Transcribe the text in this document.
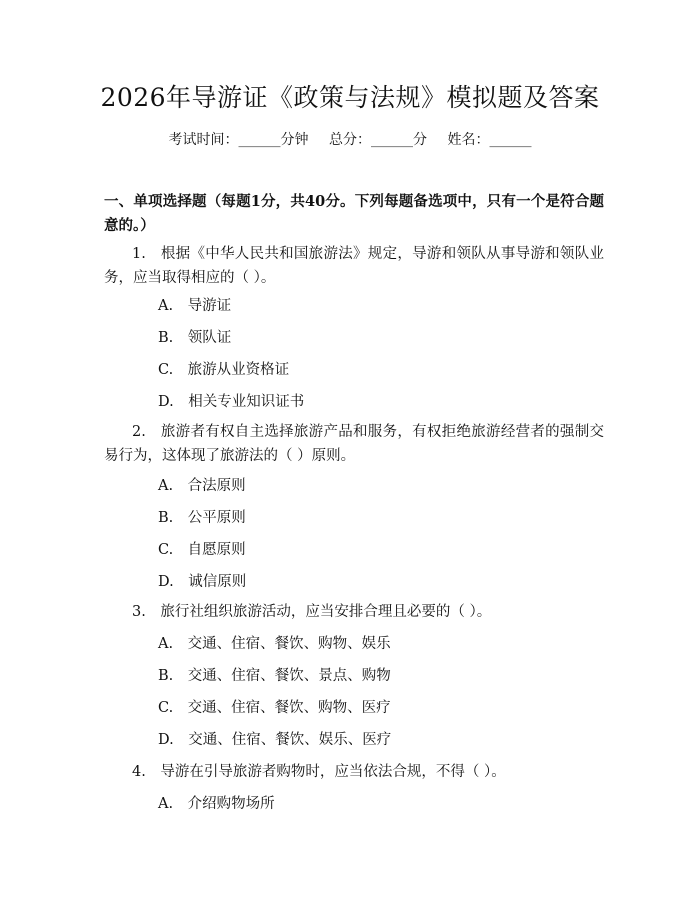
2026年导游证《政策与法规》模拟题及答案
考试时间：______分钟 总分：______分 姓名：______
一、单项选择题（每题1分，共40分。下列每题备选项中，只有一个是符合题意的。）
1.　根据《中华人民共和国旅游法》规定，导游和领队从事导游和领队业务，应当取得相应的（ ）。
A.　导游证
B.　领队证
C.　旅游从业资格证
D.　相关专业知识证书
2.　旅游者有权自主选择旅游产品和服务，有权拒绝旅游经营者的强制交易行为，这体现了旅游法的（ ）原则。
A.　合法原则
B.　公平原则
C.　自愿原则
D.　诚信原则
3.　旅行社组织旅游活动，应当安排合理且必要的（ ）。
A.　交通、住宿、餐饮、购物、娱乐
B.　交通、住宿、餐饮、景点、购物
C.　交通、住宿、餐饮、购物、医疗
D.　交通、住宿、餐饮、娱乐、医疗
4.　导游在引导旅游者购物时，应当依法合规，不得（ ）。
A.　介绍购物场所
